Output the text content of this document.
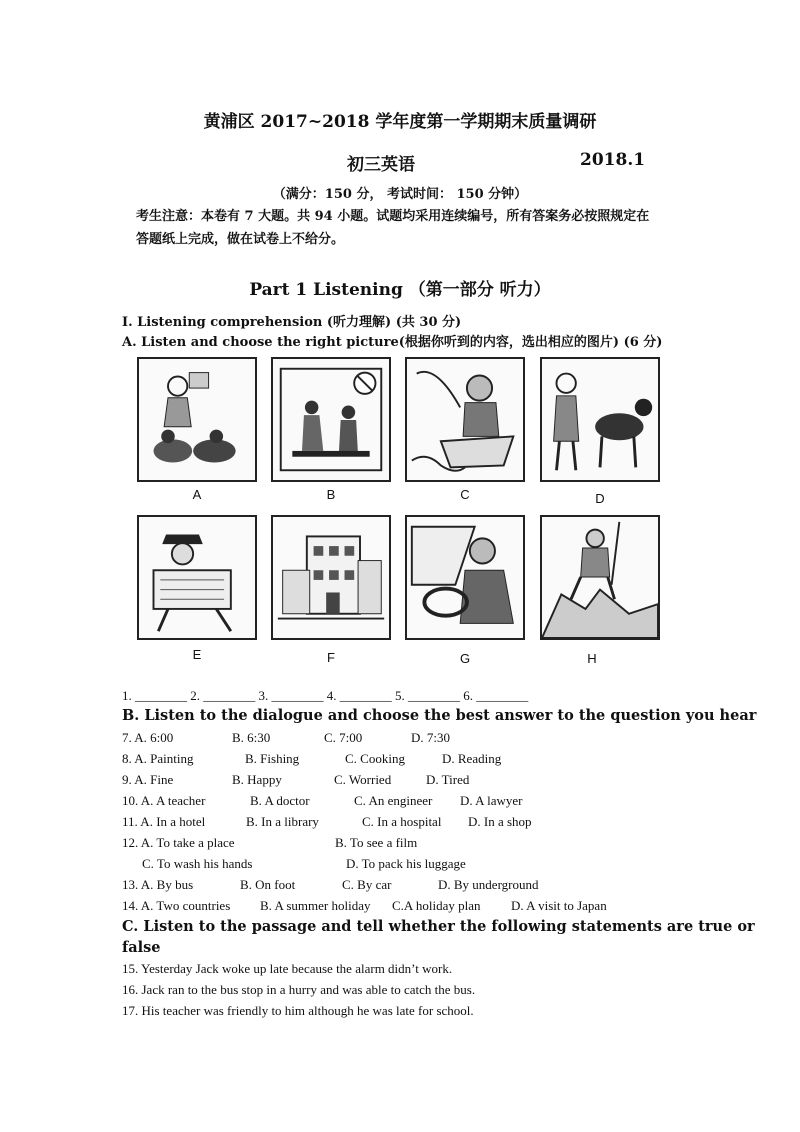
黄浦区 2017~2018 学年度第一学期期末质量调研
初三英语	2018.1
（满分：150 分， 考试时间： 150 分钟）
考生注意：本卷有 7 大题。共 94 小题。试题均采用连续编号，所有答案务必按照规定在
答题纸上完成，做在试卷上不给分。
Part 1 Listening （第一部分 听力）
I. Listening comprehension (听力理解) (共 30 分)
A. Listen and choose the right picture(根据你听到的内容，选出相应的图片) (6 分)
A	B	C	D
E	F	G	H
1. ________ 2. ________ 3. ________ 4. ________ 5. ________ 6. ________
B. Listen to the dialogue and choose the best answer to the question you hear
7. A. 6:00	B. 6:30	C. 7:00	D. 7:30
8. A. Painting	B. Fishing	C. Cooking	D. Reading
9. A. Fine	B. Happy	C. Worried	D. Tired
10. A. A teacher	B. A doctor	C. An engineer D. A lawyer
11. A. In a hotel	B. In a library	C. In a hospital D. In a shop
12. A. To take a place	B. To see a film
C. To wash his hands	D. To pack his luggage
13. A. By bus	B. On foot	C. By car	D. By underground
14. A. Two countries B. A summer holiday C.A holiday plan D. A visit to Japan
C. Listen to the passage and tell whether the following statements are true or
false
15. Yesterday Jack woke up late because the alarm didn’t work.
16. Jack ran to the bus stop in a hurry and was able to catch the bus.
17. His teacher was friendly to him although he was late for school.
